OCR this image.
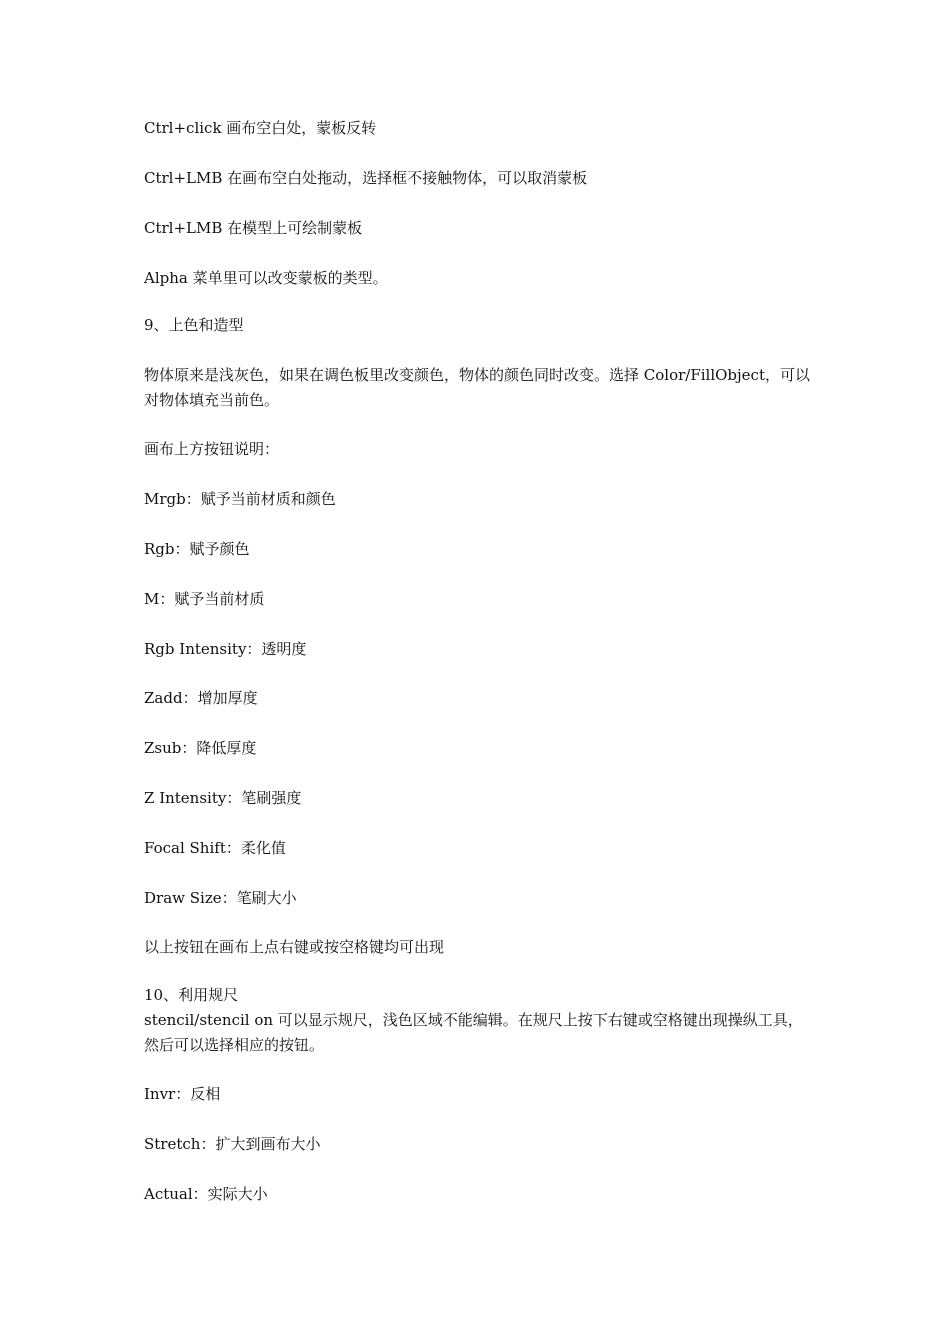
Ctrl+click 画布空白处，蒙板反转
Ctrl+LMB 在画布空白处拖动，选择框不接触物体，可以取消蒙板
Ctrl+LMB 在模型上可绘制蒙板
Alpha 菜单里可以改变蒙板的类型。
9、上色和造型
物体原来是浅灰色，如果在调色板里改变颜色，物体的颜色同时改变。选择 Color/FillObject，可以对物体填充当前色。
画布上方按钮说明：
Mrgb：赋予当前材质和颜色
Rgb：赋予颜色
M：赋予当前材质
Rgb Intensity：透明度
Zadd：增加厚度
Zsub：降低厚度
Z Intensity：笔刷强度
Focal Shift：柔化值
Draw Size：笔刷大小
以上按钮在画布上点右键或按空格键均可出现
10、利用规尺
stencil/stencil on 可以显示规尺，浅色区域不能编辑。在规尺上按下右键或空格键出现操纵工具，然后可以选择相应的按钮。
Invr：反相
Stretch：扩大到画布大小
Actual：实际大小
